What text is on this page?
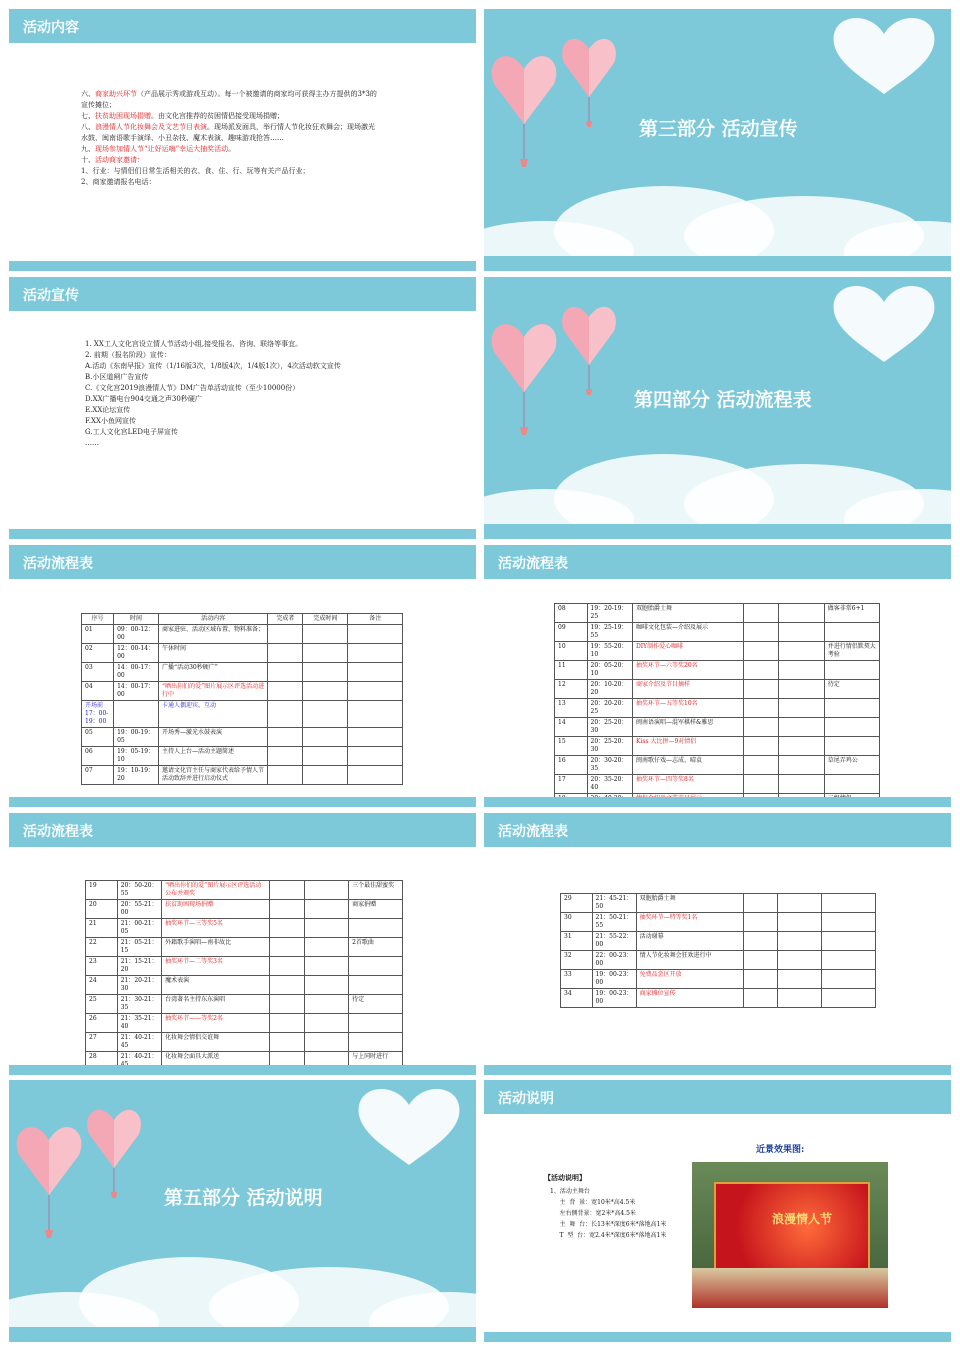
活动内容
六、商家助兴环节（产品展示秀或游戏互动）。每一个被邀请的商家均可获得主办方提供的3*3的
宣传摊位；
七、扶贫助困现场捐赠。由文化宫推荐的贫困情侣接受现场捐赠；
八、浪漫情人节化妆舞会及文艺节目表演。现场派发面具，举行情人节化妆狂欢舞会；现场激光
水鼓、闽南语歌手演绎、小丑杂技、魔术表演、趣味游戏抢答……
九、现场参加情人节“让好运嗨”幸运大抽奖活动。
十、活动商家邀请：
1、行业：与情侣们日常生活相关的衣、食、住、行、玩等有关产品行业；
2、商家邀请报名电话：
第三部分 活动宣传
活动宣传
1. XX工人文化宫设立情人节活动小组,接受报名、咨询、联络等事宜。
2. 前期（报名阶段）宣传：
A.活动《东南早报》宣传（1/16版3次，1/8版4次，1/4版1次），4次活动软文宣传
B.小区道闸广告宣传
C.《文化宫2019浪漫情人节》DM广告单活动宣传（至少10000份）
D.XX广播电台904交通之声30秒硬广
E.XX论坛宣传
F.XX小鱼网宣传
G.工人文化宫LED电子屏宣传
……
第四部分 活动流程表
活动流程表
序号	时间	活动内容	完成者	完成时间	备注
01	09：00-12：00	商家进驻、活动区域布置、物料准备；			
02	12：00-14：00	午休时间			
03	14：00-17：00	广播“活动30秒硬广”			
04	14：00-17：00	“晒出你们的爱”图片展示区评选活动进行中			
开场前17：00-19：00		卡通人偶迎宾、互动			
05	19：00-19：05	开场秀—激光水鼓表演			
06	19：05-19：10	主持人上台—活动主题简述			
07	19：10-19：20	邀请文化宫主任与商家代表给予情人节活动致辞并进行启动仪式			
活动流程表
08	19：20-19：25	双胞胎爵士舞			做客非常6+1
09	19：25-19：55	咖啡文化包装—介绍及展示			
10	19：55-20：10	DIY制作爱心咖啡			并进行情侣默契大考验
11	20：05-20：10	抽奖环节—六等奖20名			
12	20：10-20：20	商家介绍及节目摘样			待定
13	20：20-20：25	抽奖环节—五等奖10名			
14	20：25-20：30	闽南语演唱—混军棋样&雅思			
15	20：25-20：30	Kiss 大比拼—9对情侣			
16	20：30-20：35	闽南歌仔戏—志成、晴袁			草尾弄鸡公
17	20：35-20：40	抽奖环节—四等奖8名			

活动流程表
19	20：50-20：55	“晒出你们的爱”图片展示区评选活动公布并颁奖			三个最佳甜蜜奖
20	20：55-21：00	扶贫助困现场捐赠			商家捐赠
21	21：00-21：05	抽奖环节—三等奖5名			
22	21：05-21：15	外籍歌手演唱—南非故比			2首歌曲
23	21：15-21：20	抽奖环节—二等奖3名			
24	21：20-21：30	魔术表演			
25	21：30-21：35	台湾著名主持东东演唱			待定
26	21：35-21：40	抽奖环节——等奖2名			
27	21：40-21：45	化妆舞会情侣交谊舞			
28	21：40-21：	化妆舞会面具大派送			与上同时进行
活动流程表
29	21：45-21：50	双胞胎爵士舞			
30	21：50-21：55	抽奖环节—特等奖1名			
31	21：55-22：00	活动谢幕			
32	22：00-23：00	情人节化妆舞会狂欢进行中			
33	19：00-23：00	免费品尝区开放			
34	19：00-23：00	商家摊位宣传			
第五部分 活动说明
活动说明
近景效果图:
【活动说明】
1、活动主舞台
主  背  景：宽10米*高4.5米
左右侧背景：宽2米*高4.5米
主  舞  台：长13米*深度6米*落地高1米
T  型  台：宽2.4米*深度6米*落地高1米
浪漫情人节
